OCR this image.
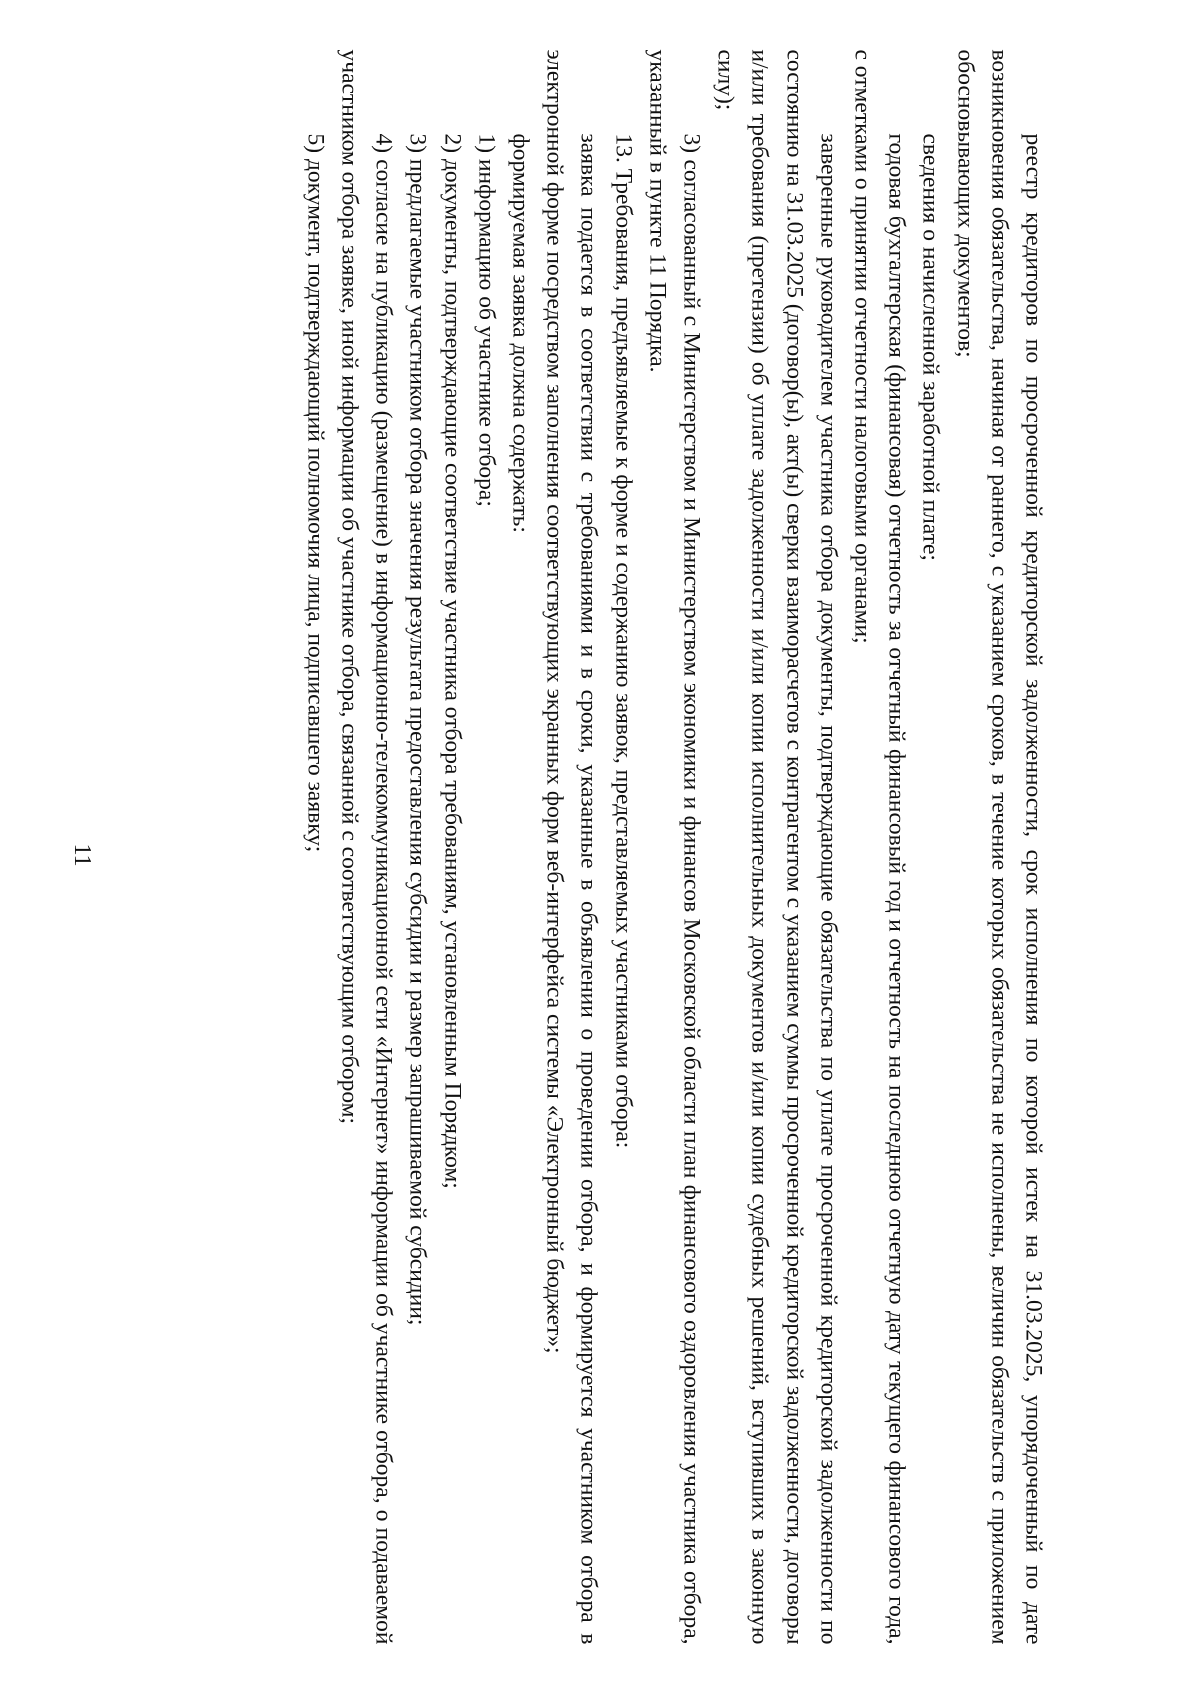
11	реестр кредиторов по просроченной кредиторской задолженности, срок исполнения по которой истек на 31.03.2025, упорядоченный по дате возникновения обязательства, начиная от раннего, с указанием сроков, в течение которых обязательства не исполнены, величин обязательств с приложением обосновывающих документов;

сведения о начисленной заработной плате;

годовая бухгалтерская (финансовая) отчетность за отчетный финансовый год и отчетность на последнюю отчетную дату текущего финансового года, с отметками о принятии отчетности налоговыми органами;

заверенные руководителем участника отбора документы, подтверждающие обязательства по уплате просроченной кредиторской задолженности по состоянию на 31.03.2025 (договор(ы), акт(ы) сверки взаиморасчетов с контрагентом с указанием суммы просроченной кредиторской задолженности, договоры и/или требования (претензии) об уплате задолженности и/или копии исполнительных документов и/или копии судебных решений, вступивших в законную силу);

3) согласованный с Министерством и Министерством экономики и финансов Московской области план финансового оздоровления участника отбора, указанный в пункте 11 Порядка.

13. Требования, предъявляемые к форме и содержанию заявок, представляемых участниками отбора:

заявка подается в соответствии с требованиями и в сроки, указанные в объявлении о проведении отбора, и формируется участником отбора в электронной форме посредством заполнения соответствующих экранных форм веб-интерфейса системы «Электронный бюджет»;

формируемая заявка должна содержать:

1) информацию об участнике отбора;

2) документы, подтверждающие соответствие участника отбора требованиям, установленным Порядком;

3) предлагаемые участником отбора значения результата предоставления субсидии и размер запрашиваемой субсидии;

4) согласие на публикацию (размещение) в информационно-телекоммуникационной сети «Интернет» информации об участнике отбора, о подаваемой участником отбора заявке, иной информации об участнике отбора, связанной с соответствующим отбором;

5) документ, подтверждающий полномочия лица, подписавшего заявку;
